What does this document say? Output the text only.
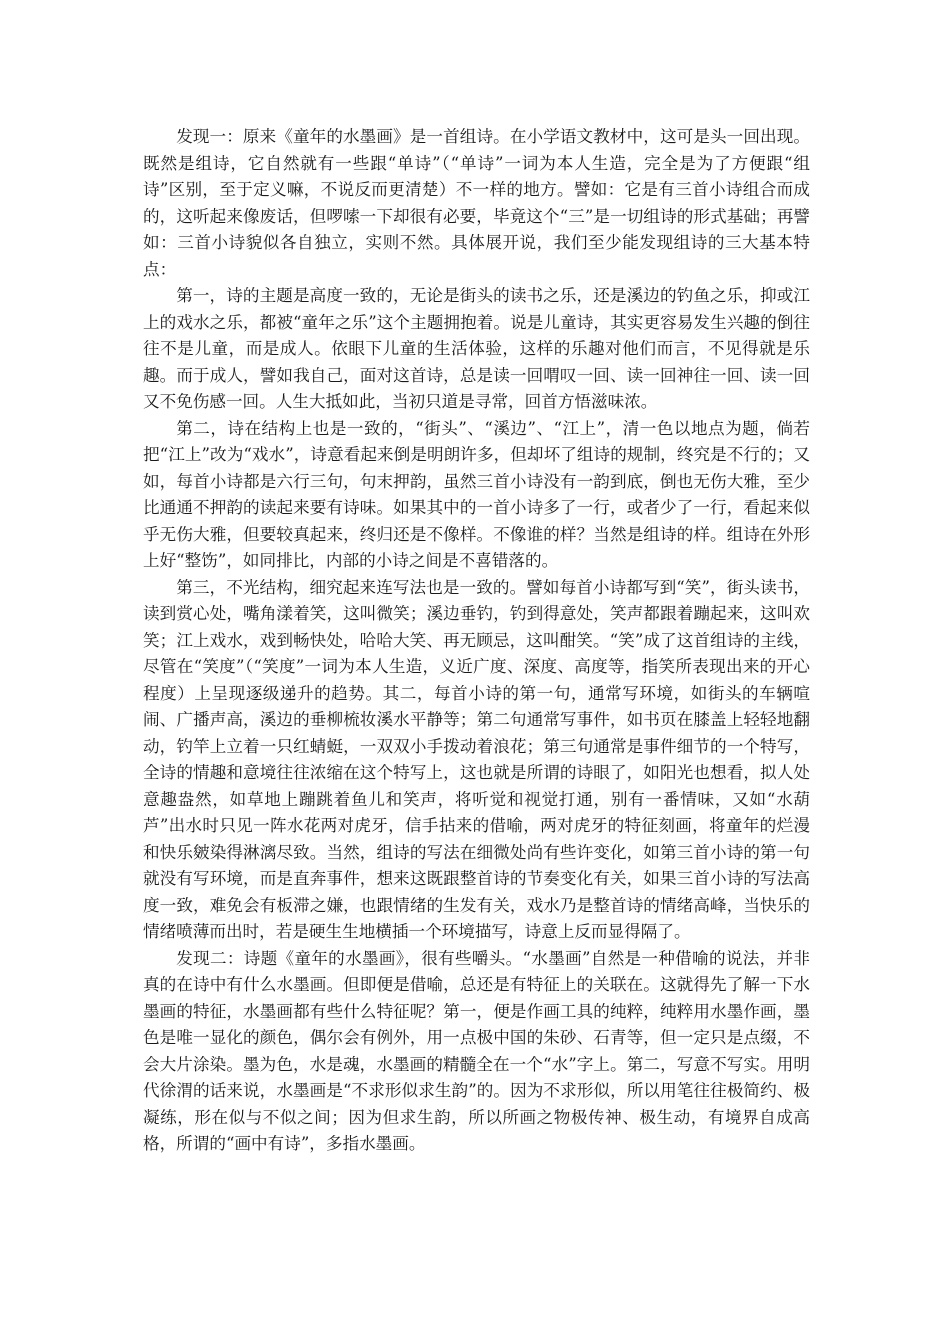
发现一：原来《童年的水墨画》是一首组诗。在小学语文教材中，这可是头一回出现。既然是组诗，它自然就有一些跟“单诗”（“单诗”一词为本人生造，完全是为了方便跟“组诗”区别，至于定义嘛，不说反而更清楚）不一样的地方。譬如：它是有三首小诗组合而成的，这听起来像废话，但啰嗦一下却很有必要，毕竟这个“三”是一切组诗的形式基础；再譬如：三首小诗貌似各自独立，实则不然。具体展开说，我们至少能发现组诗的三大基本特点：

第一，诗的主题是高度一致的，无论是街头的读书之乐，还是溪边的钓鱼之乐，抑或江上的戏水之乐，都被“童年之乐”这个主题拥抱着。说是儿童诗，其实更容易发生兴趣的倒往往不是儿童，而是成人。依眼下儿童的生活体验，这样的乐趣对他们而言，不见得就是乐趣。而于成人，譬如我自己，面对这首诗，总是读一回喟叹一回、读一回神往一回、读一回又不免伤感一回。人生大抵如此，当初只道是寻常，回首方悟滋味浓。

第二，诗在结构上也是一致的，“街头”、“溪边”、“江上”，清一色以地点为题，倘若把“江上”改为“戏水”，诗意看起来倒是明朗许多，但却坏了组诗的规制，终究是不行的；又如，每首小诗都是六行三句，句末押韵，虽然三首小诗没有一韵到底，倒也无伤大雅，至少比通通不押韵的读起来要有诗味。如果其中的一首小诗多了一行，或者少了一行，看起来似乎无伤大雅，但要较真起来，终归还是不像样。不像谁的样？当然是组诗的样。组诗在外形上好“整饬”，如同排比，内部的小诗之间是不喜错落的。

第三，不光结构，细究起来连写法也是一致的。譬如每首小诗都写到“笑”，街头读书，读到赏心处，嘴角漾着笑，这叫微笑；溪边垂钓，钓到得意处，笑声都跟着蹦起来，这叫欢笑；江上戏水，戏到畅快处，哈哈大笑、再无顾忌，这叫酣笑。“笑”成了这首组诗的主线，尽管在“笑度”（“笑度”一词为本人生造，义近广度、深度、高度等，指笑所表现出来的开心程度）上呈现逐级递升的趋势。其二，每首小诗的第一句，通常写环境，如街头的车辆喧闹、广播声高，溪边的垂柳梳妆溪水平静等；第二句通常写事件，如书页在膝盖上轻轻地翻动，钓竿上立着一只红蜻蜓，一双双小手拨动着浪花；第三句通常是事件细节的一个特写，全诗的情趣和意境往往浓缩在这个特写上，这也就是所谓的诗眼了，如阳光也想看，拟人处意趣盎然，如草地上蹦跳着鱼儿和笑声，将听觉和视觉打通，别有一番情味，又如“水葫芦”出水时只见一阵水花两对虎牙，信手拈来的借喻，两对虎牙的特征刻画，将童年的烂漫和快乐皴染得淋漓尽致。当然，组诗的写法在细微处尚有些许变化，如第三首小诗的第一句就没有写环境，而是直奔事件，想来这既跟整首诗的节奏变化有关，如果三首小诗的写法高度一致，难免会有板滞之嫌，也跟情绪的生发有关，戏水乃是整首诗的情绪高峰，当快乐的情绪喷薄而出时，若是硬生生地横插一个环境描写，诗意上反而显得隔了。

发现二：诗题《童年的水墨画》，很有些嚼头。“水墨画”自然是一种借喻的说法，并非真的在诗中有什么水墨画。但即便是借喻，总还是有特征上的关联在。这就得先了解一下水墨画的特征，水墨画都有些什么特征呢？第一，便是作画工具的纯粹，纯粹用水墨作画，墨色是唯一显化的颜色，偶尔会有例外，用一点极中国的朱砂、石青等，但一定只是点缀，不会大片涂染。墨为色，水是魂，水墨画的精髓全在一个“水”字上。第二，写意不写实。用明代徐渭的话来说，水墨画是“不求形似求生韵”的。因为不求形似，所以用笔往往极简约、极凝练，形在似与不似之间；因为但求生韵，所以所画之物极传神、极生动，有境界自成高格，所谓的“画中有诗”，多指水墨画。
